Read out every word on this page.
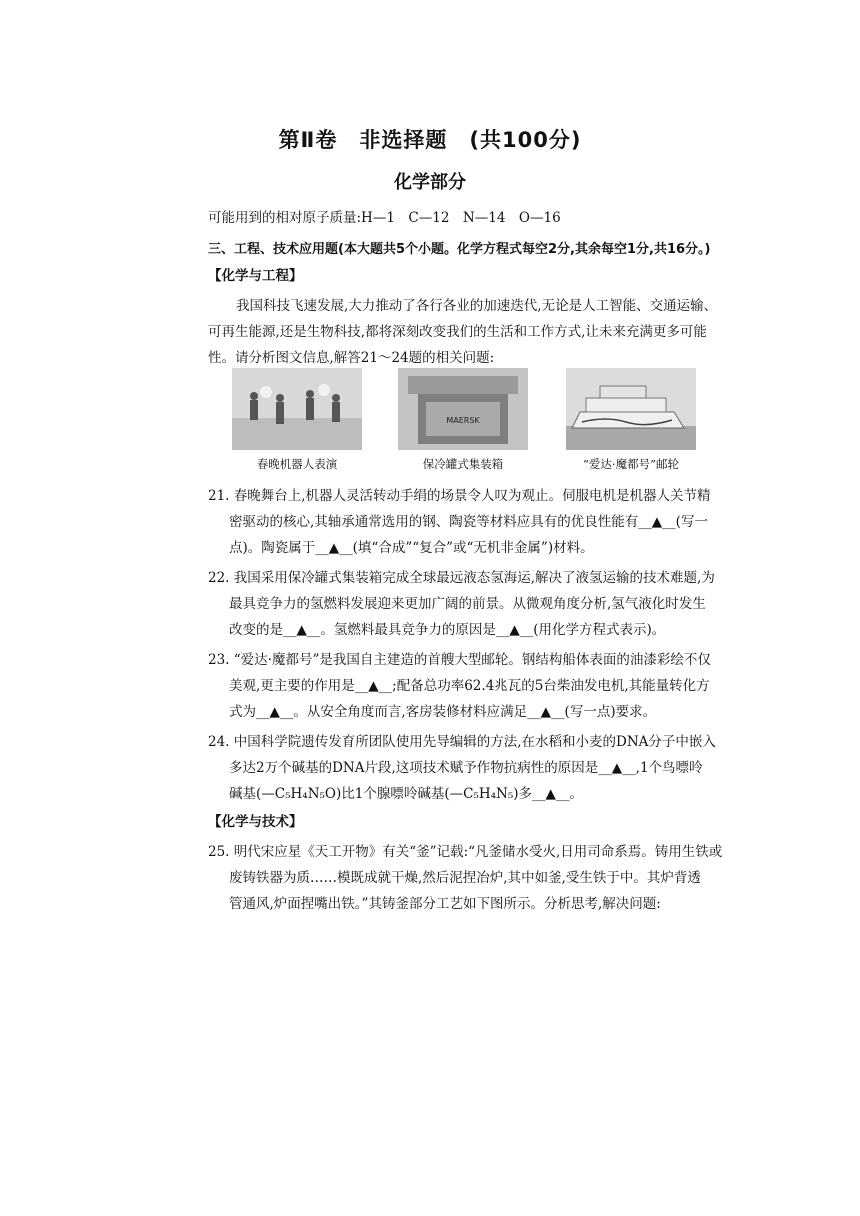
第Ⅱ卷　非选择题　(共100分)
化学部分
可能用到的相对原子质量:H—1　C—12　N—14　O—16
三、工程、技术应用题(本大题共5个小题。化学方程式每空2分,其余每空1分,共16分。)
【化学与工程】
我国科技飞速发展,大力推动了各行各业的加速迭代,无论是人工智能、交通运输、
可再生能源,还是生物科技,都将深刻改变我们的生活和工作方式,让未来充满更多可能
性。请分析图文信息,解答21～24题的相关问题:
MAERSK
春晚机器人表演	保冷罐式集装箱	“爱达·魔都号”邮轮
21. 春晚舞台上,机器人灵活转动手绢的场景令人叹为观止。伺服电机是机器人关节精
密驱动的核心,其轴承通常选用的钢、陶瓷等材料应具有的优良性能有__▲__(写一
点)。陶瓷属于__▲__(填“合成”“复合”或“无机非金属”)材料。
22. 我国采用保冷罐式集装箱完成全球最远液态氢海运,解决了液氢运输的技术难题,为
最具竞争力的氢燃料发展迎来更加广阔的前景。从微观角度分析,氢气液化时发生
改变的是__▲__。氢燃料最具竞争力的原因是__▲__(用化学方程式表示)。
23. “爱达·魔都号”是我国自主建造的首艘大型邮轮。钢结构船体表面的油漆彩绘不仅
美观,更主要的作用是__▲__;配备总功率62.4兆瓦的5台柴油发电机,其能量转化方
式为__▲__。从安全角度而言,客房装修材料应满足__▲__(写一点)要求。
24. 中国科学院遗传发育所团队使用先导编辑的方法,在水稻和小麦的DNA分子中嵌入
多达2万个碱基的DNA片段,这项技术赋予作物抗病性的原因是__▲__,1个鸟嘌呤
碱基(—C₅H₄N₅O)比1个腺嘌呤碱基(—C₅H₄N₅)多__▲__。
【化学与技术】
25. 明代宋应星《天工开物》有关“釜”记载:“凡釜储水受火,日用司命系焉。铸用生铁或
废铸铁器为质……模既成就干燥,然后泥捏冶炉,其中如釜,受生铁于中。其炉背透
管通风,炉面捏嘴出铁。”其铸釜部分工艺如下图所示。分析思考,解决问题:
